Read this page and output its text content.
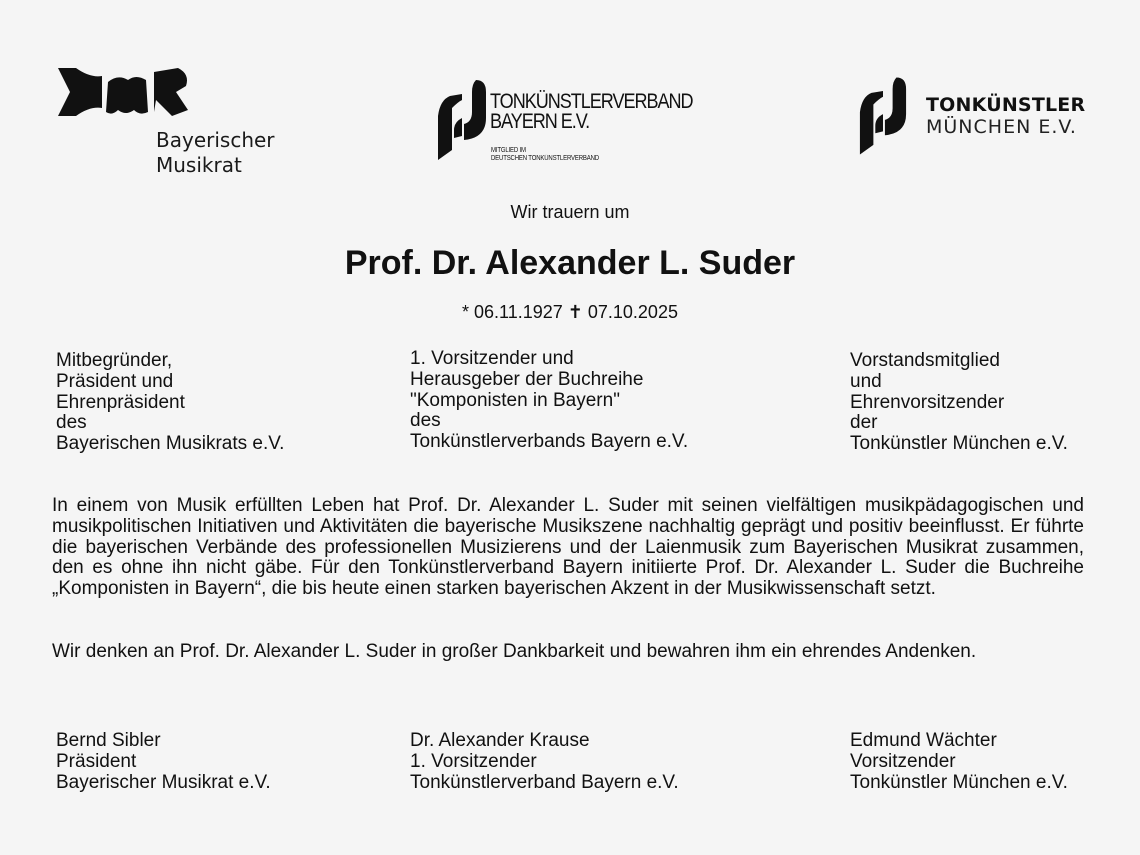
Bayerischer
Musikrat
TONKÜNSTLERVERBAND
BAYERN E.V.
MITGLIED IM
DEUTSCHEN TONKÜNSTLERVERBAND
TONKÜNSTLER
MÜNCHEN E.V.
Wir trauern um
Prof. Dr. Alexander L. Suder
* 06.11.1927 ✝ 07.10.2025
Mitbegründer,
Präsident und
Ehrenpräsident
des
Bayerischen Musikrats e.V.
1. Vorsitzender und
Herausgeber der Buchreihe
"Komponisten in Bayern"
des
Tonkünstlerverbands Bayern e.V.
Vorstandsmitglied
und
Ehrenvorsitzender
der
Tonkünstler München e.V.
In einem von Musik erfüllten Leben hat Prof. Dr. Alexander L. Suder mit seinen vielfältigen musikpädagogischen und musikpolitischen Initiativen und Aktivitäten die bayerische Musikszene nachhaltig geprägt und positiv beeinflusst. Er führte die bayerischen Verbände des professionellen Musizierens und der Laienmusik zum Bayerischen Musikrat zusammen, den es ohne ihn nicht gäbe. Für den Tonkünstlerverband Bayern initiierte Prof. Dr. Alexander L. Suder die Buchreihe „Komponisten in Bayern“, die bis heute einen starken bayerischen Akzent in der Musikwissenschaft setzt.
Wir denken an Prof. Dr. Alexander L. Suder in großer Dankbarkeit und bewahren ihm ein ehrendes Andenken.
Bernd Sibler
Präsident
Bayerischer Musikrat e.V.
Dr. Alexander Krause
1. Vorsitzender
Tonkünstlerverband Bayern e.V.
Edmund Wächter
Vorsitzender
Tonkünstler München e.V.
